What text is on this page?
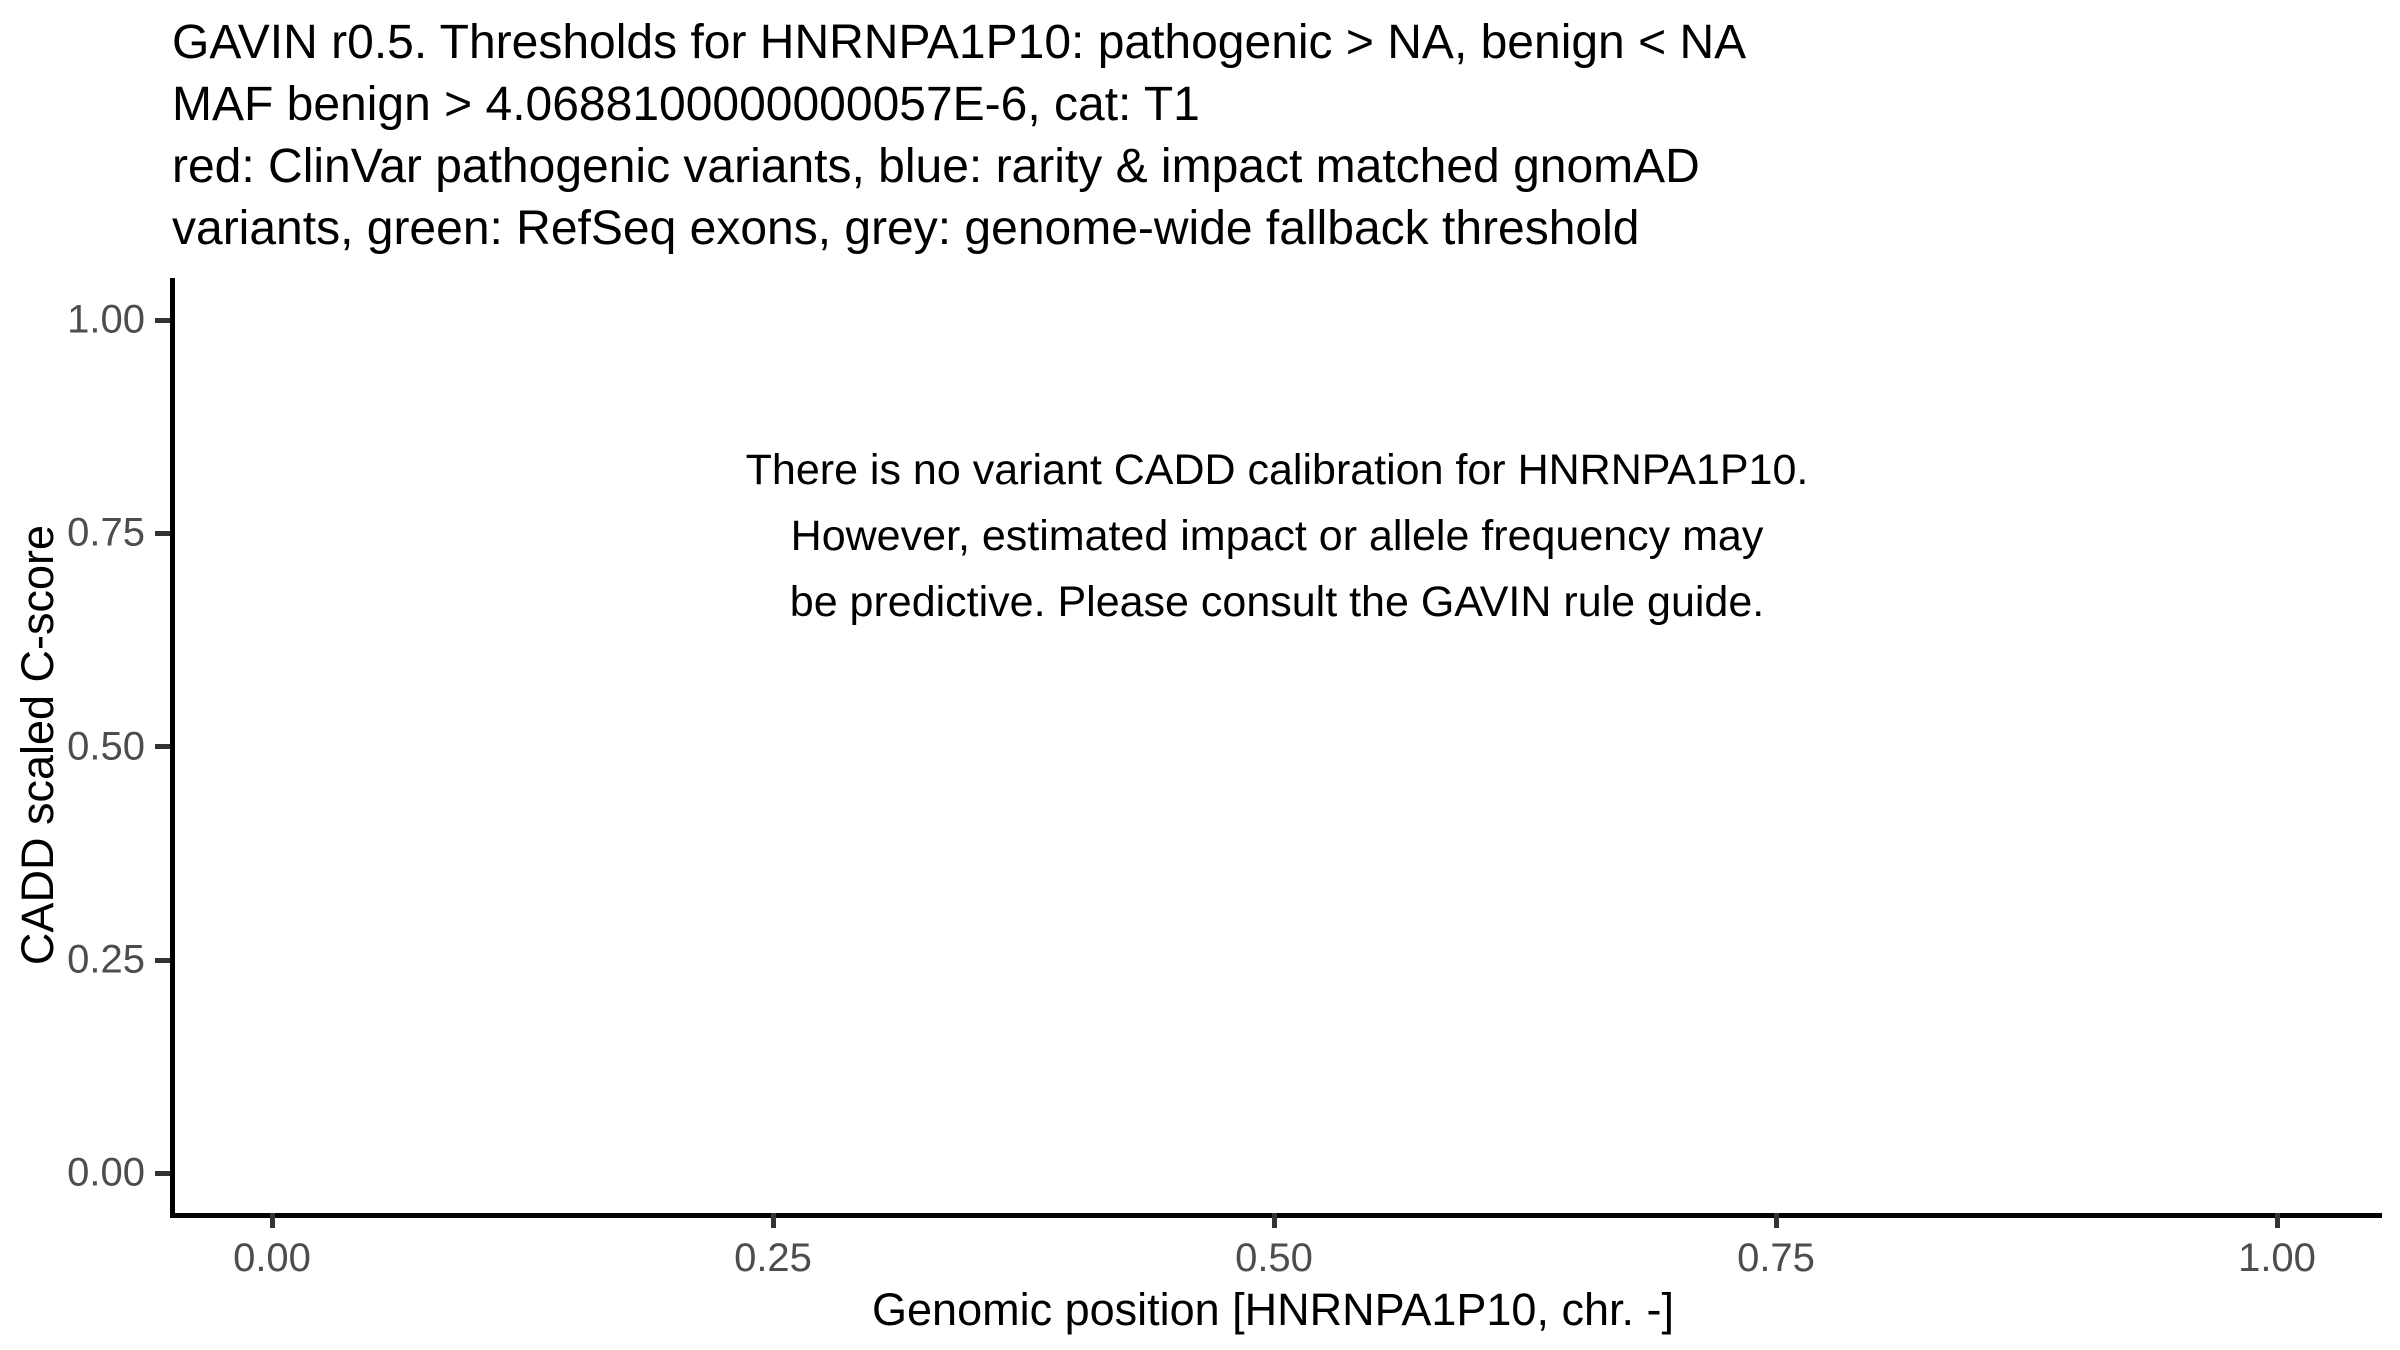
GAVIN r0.5. Thresholds for HNRNPA1P10: pathogenic > NA, benign < NA
MAF benign > 4.0688100000000057E-6, cat: T1
red: ClinVar pathogenic variants, blue: rarity & impact matched gnomAD
variants, green: RefSeq exons, grey: genome-wide fallback threshold
CADD scaled C-score
1.00
0.75
0.50
0.25
0.00
0.00	0.25	0.50	0.75	1.00
Genomic position [HNRNPA1P10, chr. -]
There is no variant CADD calibration for HNRNPA1P10.
However, estimated impact or allele frequency may
be predictive. Please consult the GAVIN rule guide.
